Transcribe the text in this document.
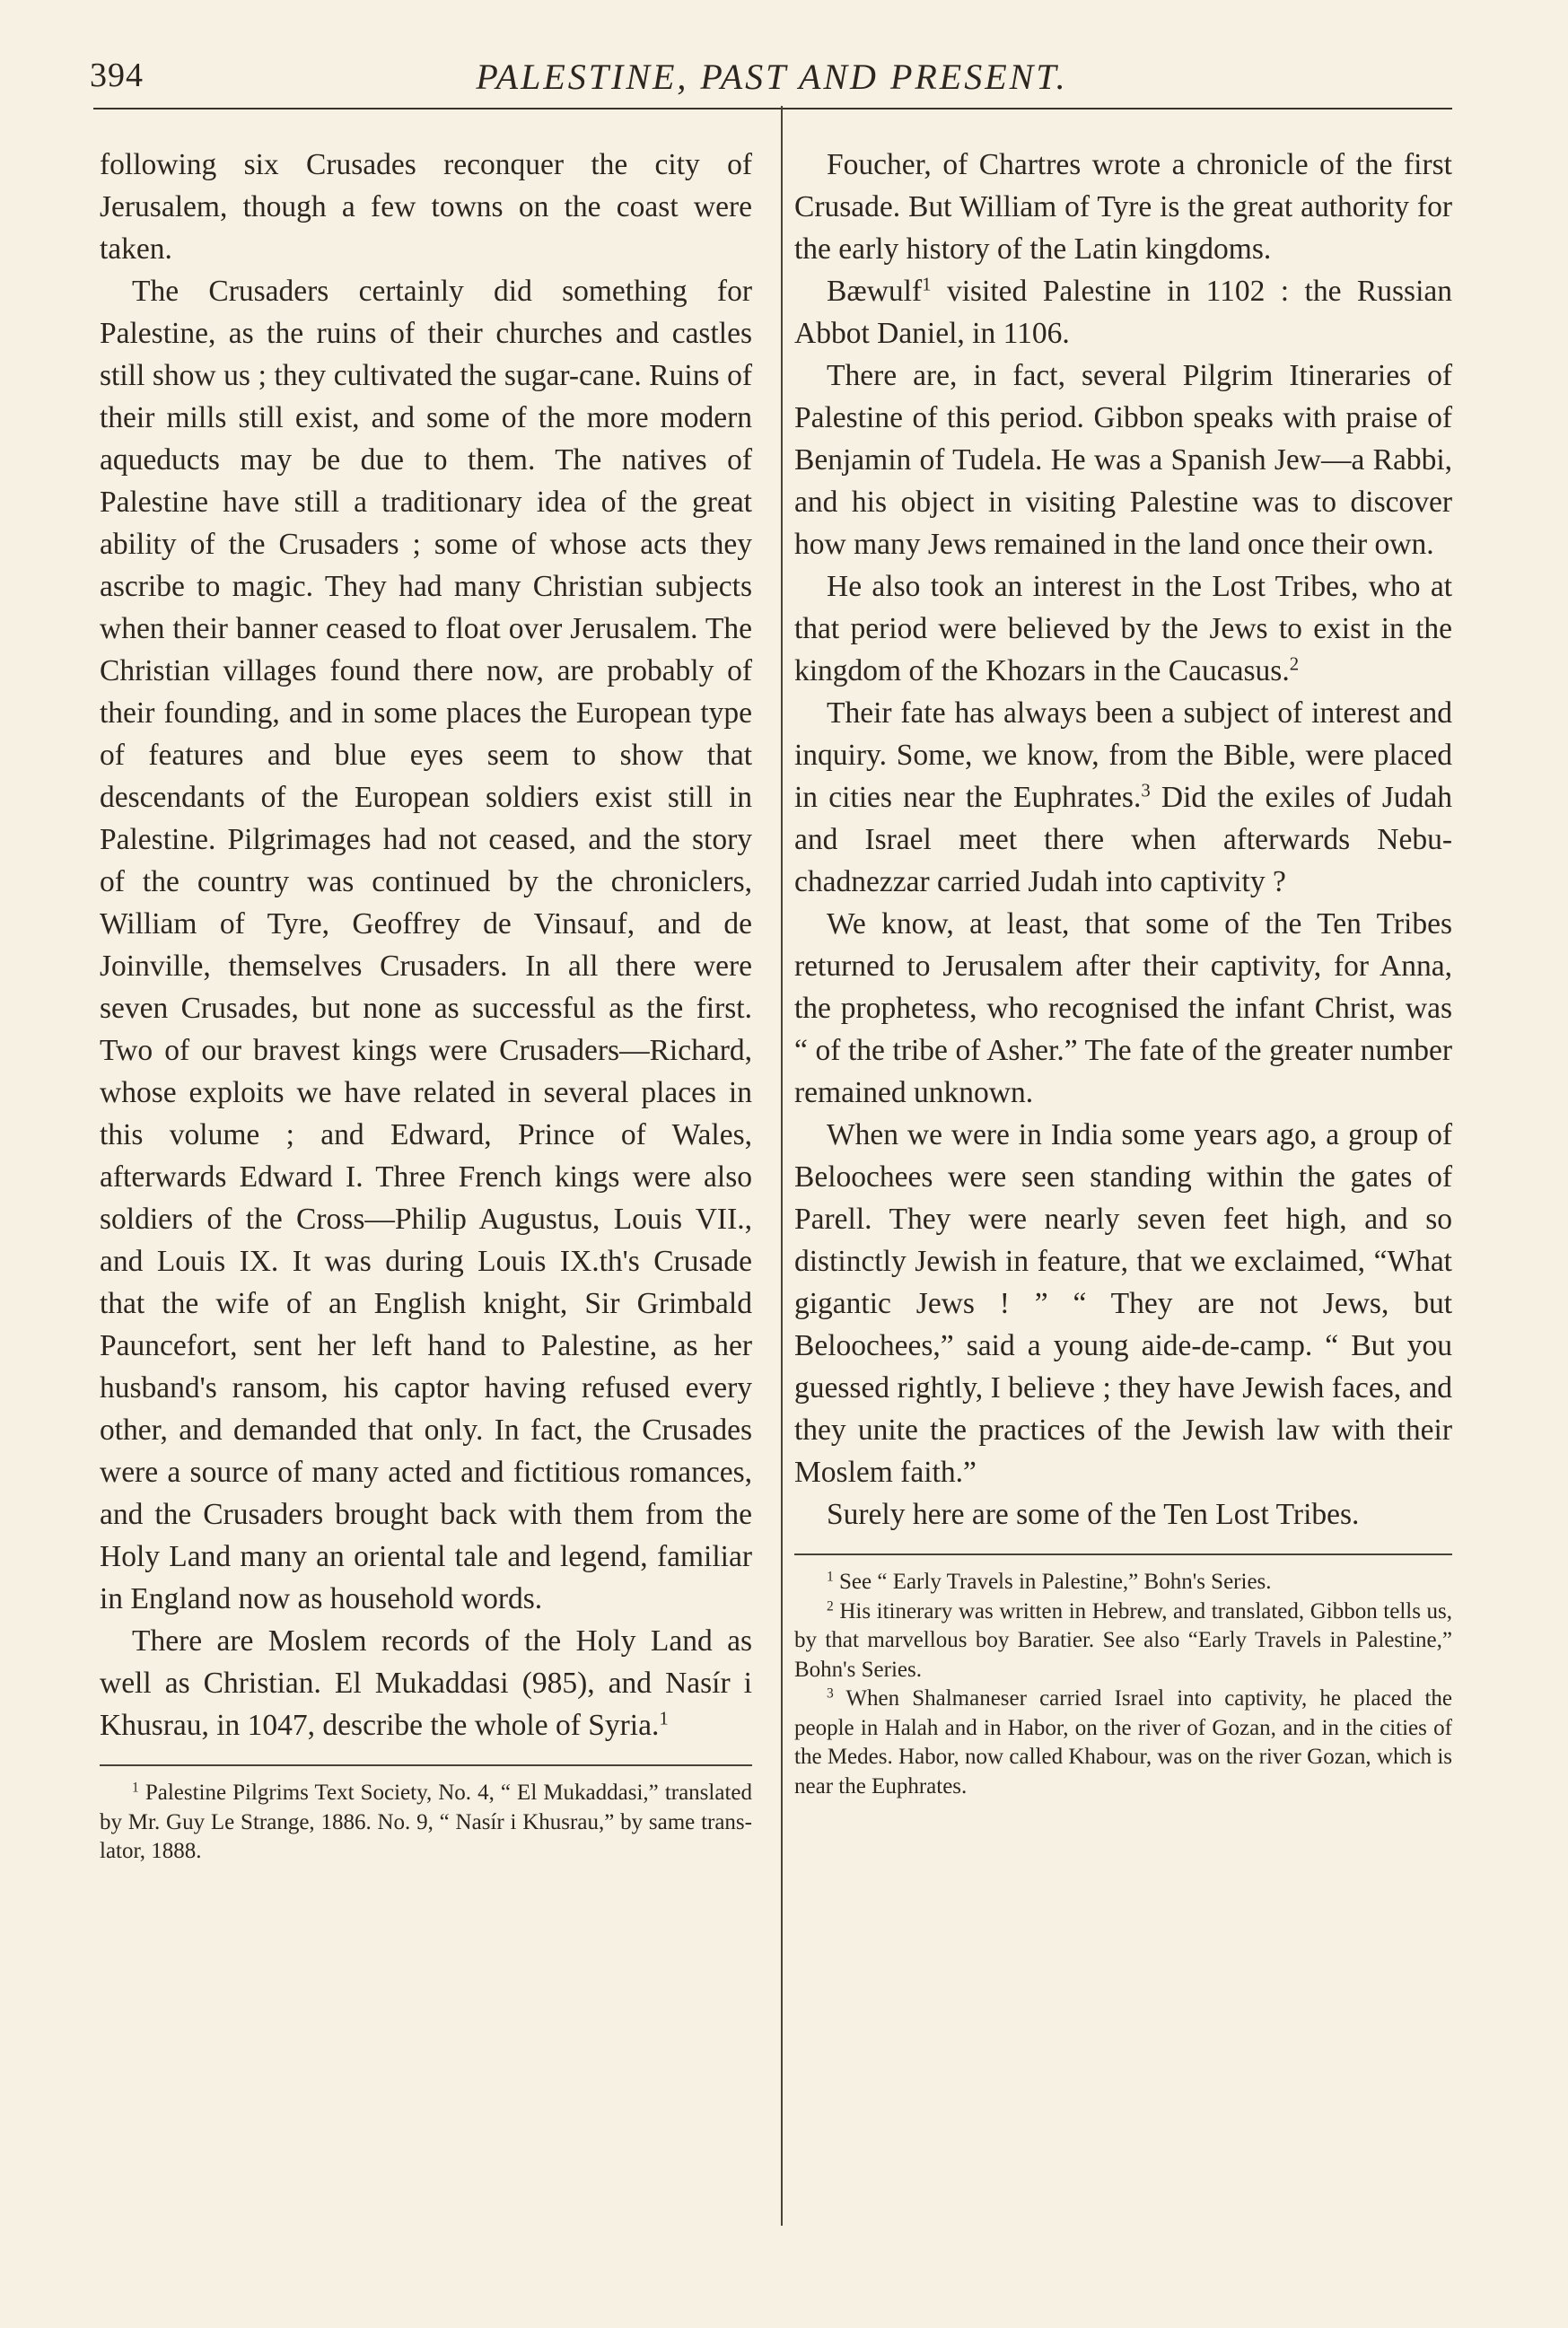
394	PALESTINE, PAST AND PRESENT.

following six Crusades reconquer the city of Jerusalem, though a few towns on the coast were taken.

The Crusaders certainly did something for Palestine, as the ruins of their churches and castles still show us ; they cultivated the sugar-cane. Ruins of their mills still exist, and some of the more modern aqueducts may be due to them. The natives of Palestine have still a traditionary idea of the great ability of the Crusaders ; some of whose acts they ascribe to magic. They had many Christian subjects when their banner ceased to float over Jerusalem. The Christian villages found there now, are probably of their founding, and in some places the European type of features and blue eyes seem to show that descendants of the European soldiers exist still in Palestine. Pilgrimages had not ceased, and the story of the country was continued by the chroniclers, William of Tyre, Geoffrey de Vinsauf, and de Joinville, themselves Crusaders. In all there were seven Crusades, but none as successful as the first. Two of our bravest kings were Crusaders—Richard, whose exploits we have related in several places in this volume ; and Edward, Prince of Wales, afterwards Edward I. Three French kings were also soldiers of the Cross—Philip Augustus, Louis VII., and Louis IX. It was during Louis IX.th's Crusade that the wife of an English knight, Sir Grimbald Pauncefort, sent her left hand to Palestine, as her husband's ransom, his captor having refused every other, and demanded that only. In fact, the Crusades were a source of many acted and fictitious romances, and the Crusaders brought back with them from the Holy Land many an oriental tale and legend, familiar in England now as household words.

There are Moslem records of the Holy Land as well as Christian. El Mukaddasi (985), and Nasír i Khusrau, in 1047, describe the whole of Syria.$^1$

$^1$ Palestine Pilgrims Text Society, No. 4, “ El Mukaddasi,” translated by Mr. Guy Le Strange, 1886. No. 9, “ Nasír i Khusrau,” by same translator, 1888.

Foucher, of Chartres wrote a chronicle of the first Crusade. But William of Tyre is the great authority for the early history of the Latin kingdoms.

Bæwulf$^1$ visited Palestine in 1102 : the Russian Abbot Daniel, in 1106.

There are, in fact, several Pilgrim Itineraries of Palestine of this period. Gibbon speaks with praise of Benjamin of Tudela. He was a Spanish Jew—a Rabbi, and his object in visiting Palestine was to discover how many Jews remained in the land once their own.

He also took an interest in the Lost Tribes, who at that period were believed by the Jews to exist in the kingdom of the Khozars in the Caucasus.$^2$

Their fate has always been a subject of interest and inquiry. Some, we know, from the Bible, were placed in cities near the Euphrates.$^3$ Did the exiles of Judah and Israel meet there when afterwards Nebuchadnezzar carried Judah into captivity ?

We know, at least, that some of the Ten Tribes returned to Jerusalem after their captivity, for Anna, the prophetess, who recognised the infant Christ, was “ of the tribe of Asher.” The fate of the greater number remained unknown.

When we were in India some years ago, a group of Beloochees were seen standing within the gates of Parell. They were nearly seven feet high, and so distinctly Jewish in feature, that we exclaimed, “What gigantic Jews ! ” “ They are not Jews, but Beloochees,” said a young aide-de-camp. “ But you guessed rightly, I believe ; they have Jewish faces, and they unite the practices of the Jewish law with their Moslem faith.”

Surely here are some of the Ten Lost Tribes.

$^1$ See “ Early Travels in Palestine,” Bohn's Series.

$^2$ His itinerary was written in Hebrew, and translated, Gibbon tells us, by that marvellous boy Baratier. See also “Early Travels in Palestine,” Bohn's Series.

$^3$ When Shalmaneser carried Israel into captivity, he placed the people in Halah and in Habor, on the river of Gozan, and in the cities of the Medes. Habor, now called Khabour, was on the river Gozan, which is near the Euphrates.
